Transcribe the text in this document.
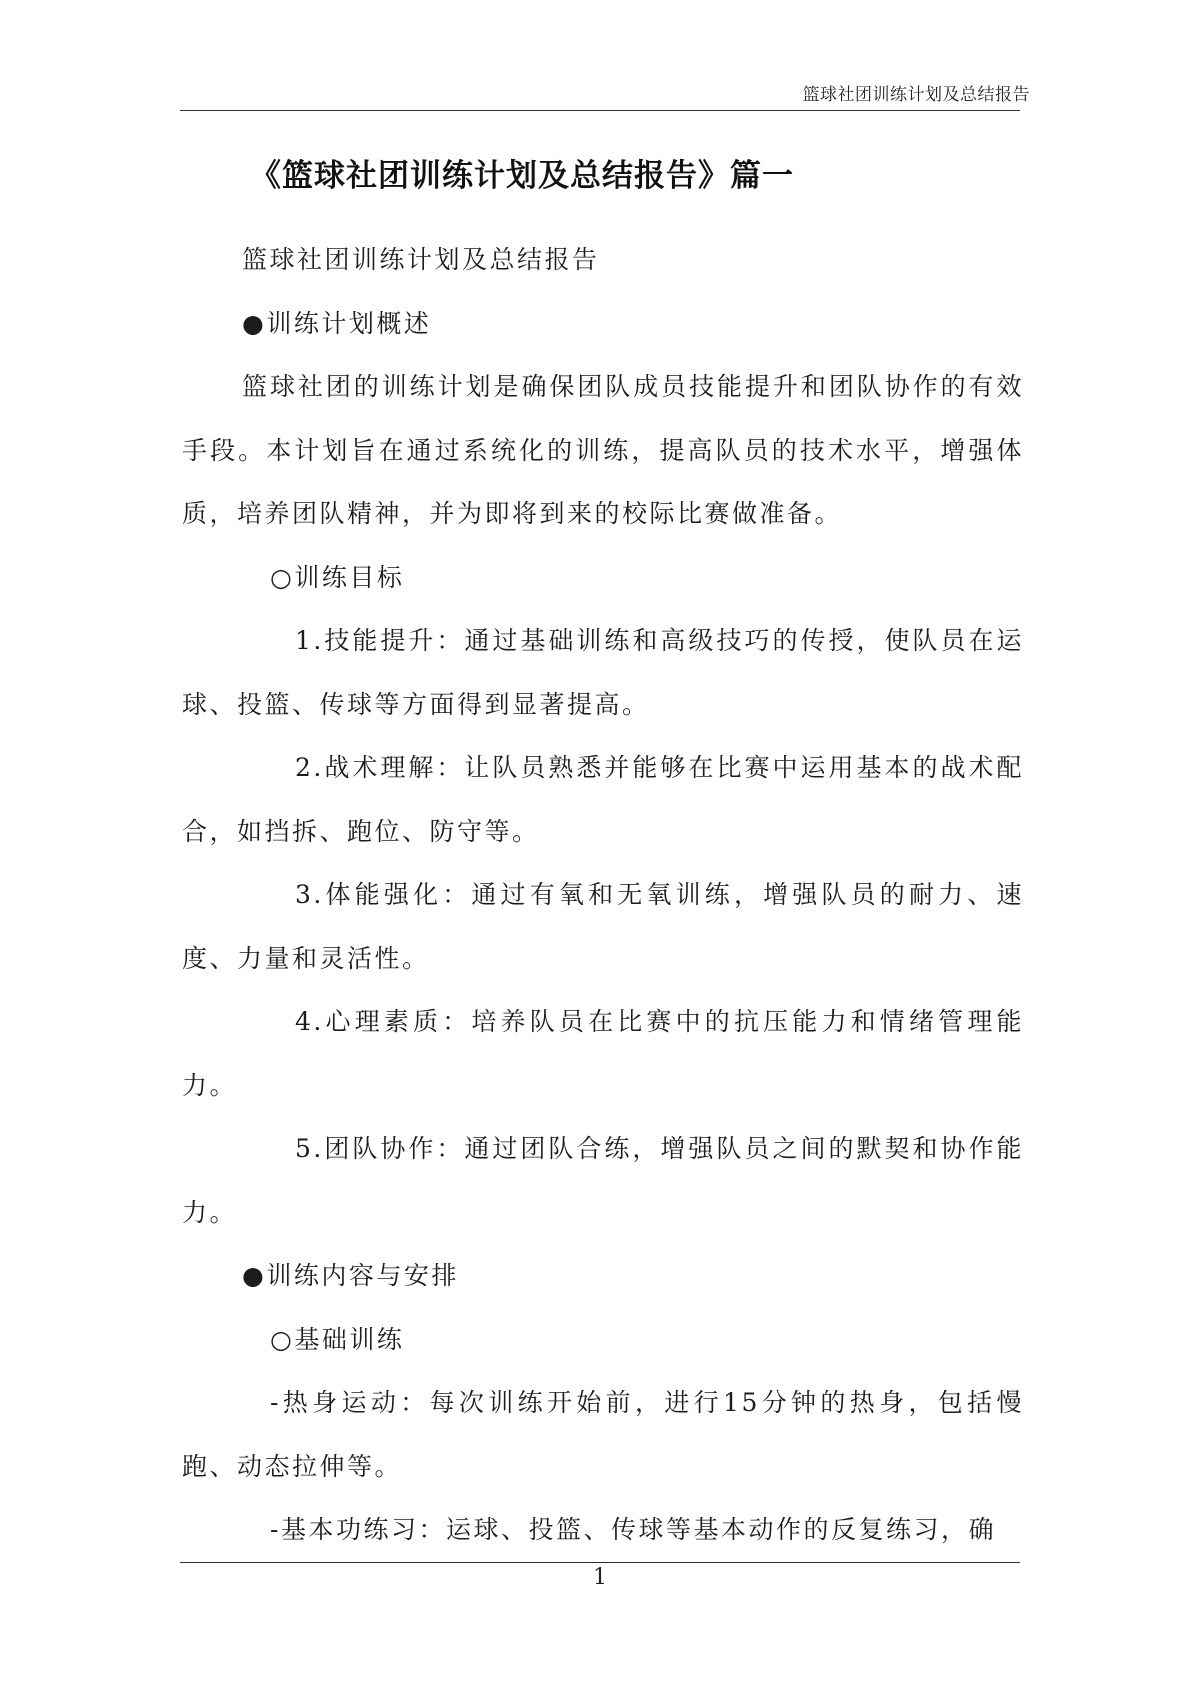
篮球社团训练计划及总结报告
《篮球社团训练计划及总结报告》篇一

篮球社团训练计划及总结报告

●训练计划概述

篮球社团的训练计划是确保团队成员技能提升和团队协作的有效手段。本计划旨在通过系统化的训练，提高队员的技术水平，增强体质，培养团队精神，并为即将到来的校际比赛做准备。

○训练目标

1.技能提升：通过基础训练和高级技巧的传授，使队员在运球、投篮、传球等方面得到显著提高。

2.战术理解：让队员熟悉并能够在比赛中运用基本的战术配合，如挡拆、跑位、防守等。

3.体能强化：通过有氧和无氧训练，增强队员的耐力、速度、力量和灵活性。

4.心理素质：培养队员在比赛中的抗压能力和情绪管理能力。

5.团队协作：通过团队合练，增强队员之间的默契和协作能力。

●训练内容与安排

○基础训练

-热身运动：每次训练开始前，进行15分钟的热身，包括慢跑、动态拉伸等。

-基本功练习：运球、投篮、传球等基本动作的反复练习，确

1
